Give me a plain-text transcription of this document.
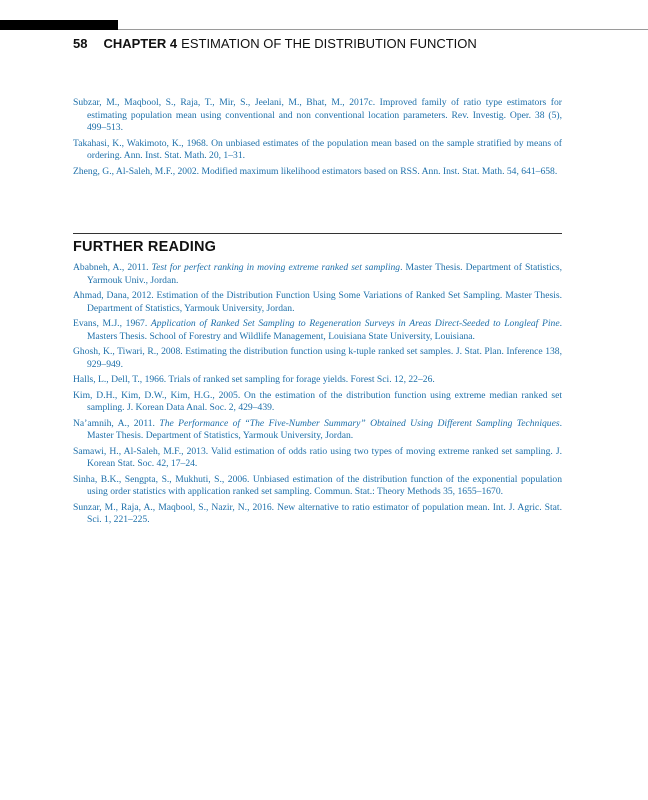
58 CHAPTER 4 ESTIMATION OF THE DISTRIBUTION FUNCTION

Subzar, M., Maqbool, S., Raja, T., Mir, S., Jeelani, M., Bhat, M., 2017c. Improved family of ratio type estimators for estimating population mean using conventional and non conventional location parameters. Rev. Investig. Oper. 38 (5), 499–513.

Takahasi, K., Wakimoto, K., 1968. On unbiased estimates of the population mean based on the sample stratified by means of ordering. Ann. Inst. Stat. Math. 20, 1–31.

Zheng, G., Al-Saleh, M.F., 2002. Modified maximum likelihood estimators based on RSS. Ann. Inst. Stat. Math. 54, 641–658.

FURTHER READING

Ababneh, A., 2011. Test for perfect ranking in moving extreme ranked set sampling. Master Thesis. Department of Statistics, Yarmouk Univ., Jordan.

Ahmad, Dana, 2012. Estimation of the Distribution Function Using Some Variations of Ranked Set Sampling. Master Thesis. Department of Statistics, Yarmouk University, Jordan.

Evans, M.J., 1967. Application of Ranked Set Sampling to Regeneration Surveys in Areas Direct-Seeded to Longleaf Pine. Masters Thesis. School of Forestry and Wildlife Management, Louisiana State University, Louisiana.

Ghosh, K., Tiwari, R., 2008. Estimating the distribution function using k-tuple ranked set samples. J. Stat. Plan. Inference 138, 929–949.

Halls, L., Dell, T., 1966. Trials of ranked set sampling for forage yields. Forest Sci. 12, 22–26.

Kim, D.H., Kim, D.W., Kim, H.G., 2005. On the estimation of the distribution function using extreme median ranked set sampling. J. Korean Data Anal. Soc. 2, 429–439.

Na’amnih, A., 2011. The Performance of “The Five-Number Summary” Obtained Using Different Sampling Techniques. Master Thesis. Department of Statistics, Yarmouk University, Jordan.

Samawi, H., Al-Saleh, M.F., 2013. Valid estimation of odds ratio using two types of moving extreme ranked set sampling. J. Korean Stat. Soc. 42, 17–24.

Sinha, B.K., Sengpta, S., Mukhuti, S., 2006. Unbiased estimation of the distribution function of the exponential population using order statistics with application ranked set sampling. Commun. Stat.: Theory Methods 35, 1655–1670.

Sunzar, M., Raja, A., Maqbool, S., Nazir, N., 2016. New alternative to ratio estimator of population mean. Int. J. Agric. Stat. Sci. 1, 221–225.
